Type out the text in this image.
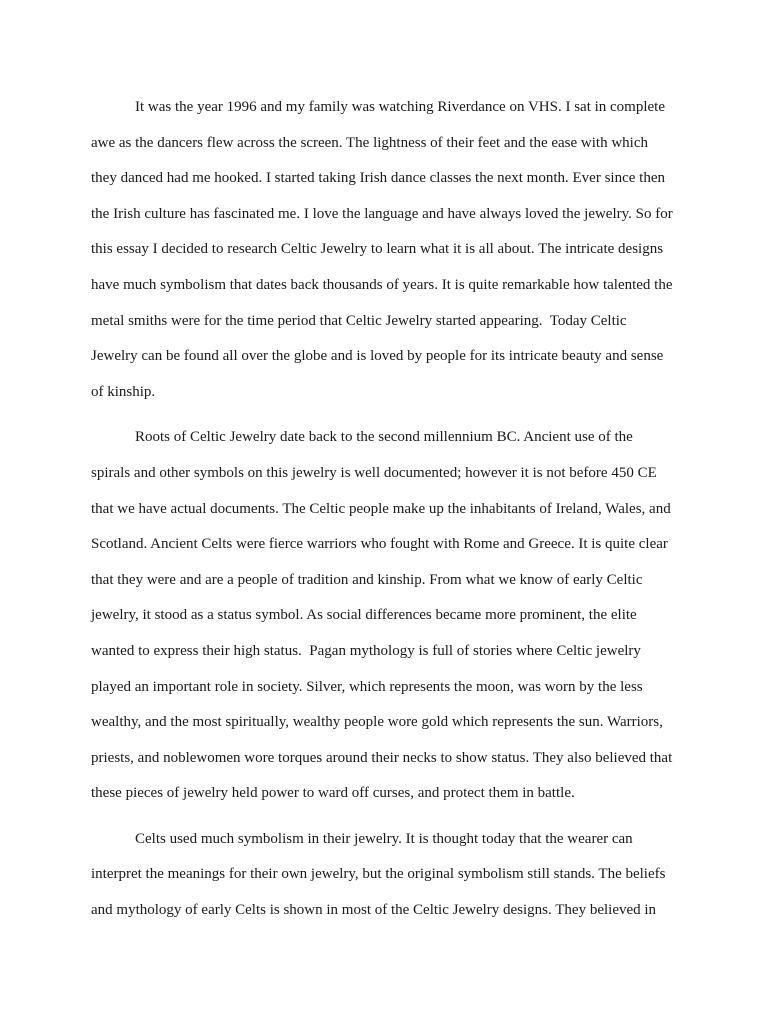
It was the year 1996 and my family was watching Riverdance on VHS. I sat in complete
awe as the dancers flew across the screen. The lightness of their feet and the ease with which
they danced had me hooked. I started taking Irish dance classes the next month. Ever since then
the Irish culture has fascinated me. I love the language and have always loved the jewelry. So for
this essay I decided to research Celtic Jewelry to learn what it is all about. The intricate designs
have much symbolism that dates back thousands of years. It is quite remarkable how talented the
metal smiths were for the time period that Celtic Jewelry started appearing.  Today Celtic
Jewelry can be found all over the globe and is loved by people for its intricate beauty and sense
of kinship.

Roots of Celtic Jewelry date back to the second millennium BC. Ancient use of the
spirals and other symbols on this jewelry is well documented; however it is not before 450 CE
that we have actual documents. The Celtic people make up the inhabitants of Ireland, Wales, and
Scotland. Ancient Celts were fierce warriors who fought with Rome and Greece. It is quite clear
that they were and are a people of tradition and kinship. From what we know of early Celtic
jewelry, it stood as a status symbol. As social differences became more prominent, the elite
wanted to express their high status.  Pagan mythology is full of stories where Celtic jewelry
played an important role in society. Silver, which represents the moon, was worn by the less
wealthy, and the most spiritually, wealthy people wore gold which represents the sun. Warriors,
priests, and noblewomen wore torques around their necks to show status. They also believed that
these pieces of jewelry held power to ward off curses, and protect them in battle.

Celts used much symbolism in their jewelry. It is thought today that the wearer can
interpret the meanings for their own jewelry, but the original symbolism still stands. The beliefs
and mythology of early Celts is shown in most of the Celtic Jewelry designs. They believed in
